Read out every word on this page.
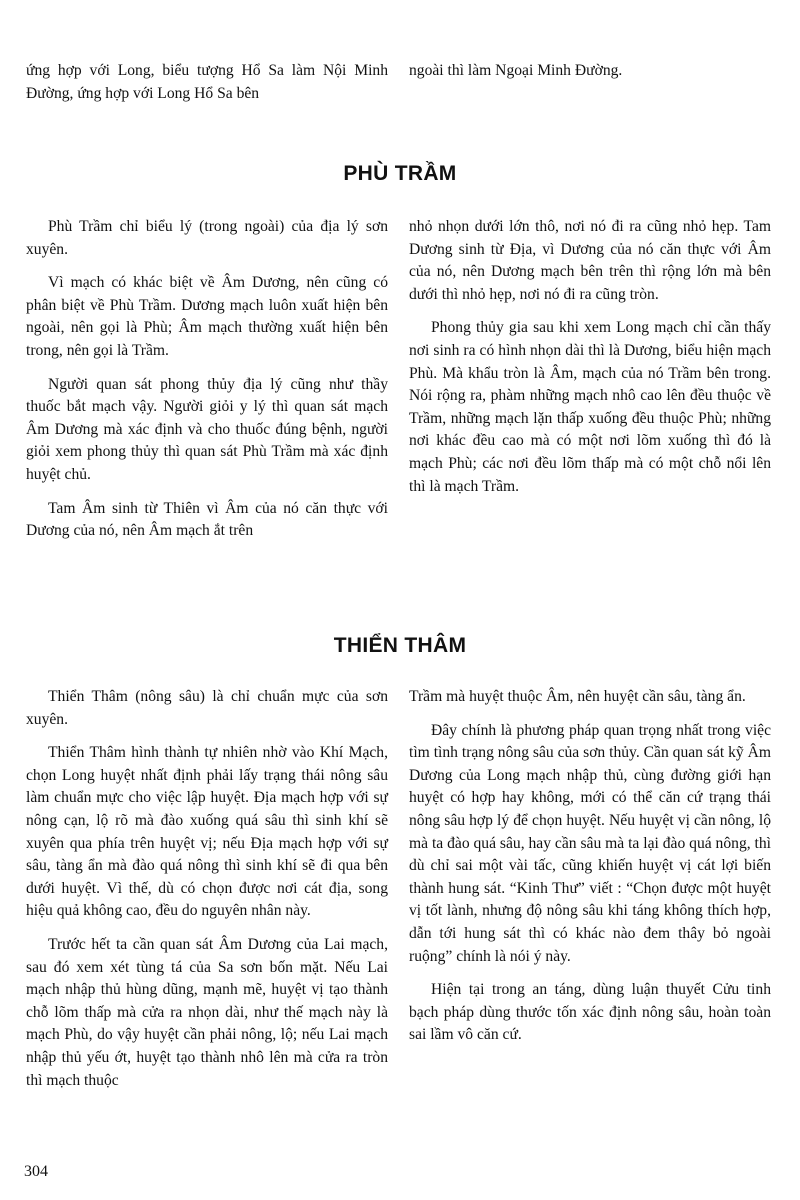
ứng hợp với Long, biểu tượng Hổ Sa làm Nội Minh Đường, ứng hợp với Long Hổ Sa bên

ngoài thì làm Ngoại Minh Đường.

PHÙ TRẦM

Phù Trầm chỉ biểu lý (trong ngoài) của địa lý sơn xuyên.

Vì mạch có khác biệt về Âm Dương, nên cũng có phân biệt về Phù Trầm. Dương mạch luôn xuất hiện bên ngoài, nên gọi là Phù; Âm mạch thường xuất hiện bên trong, nên gọi là Trầm.

Người quan sát phong thủy địa lý cũng như thầy thuốc bắt mạch vậy. Người giỏi y lý thì quan sát mạch Âm Dương mà xác định và cho thuốc đúng bệnh, người giỏi xem phong thủy thì quan sát Phù Trầm mà xác định huyệt chủ.

Tam Âm sinh từ Thiên vì Âm của nó căn thực với Dương của nó, nên Âm mạch ắt trên

nhỏ nhọn dưới lớn thô, nơi nó đi ra cũng nhỏ hẹp. Tam Dương sinh từ Địa, vì Dương của nó căn thực với Âm của nó, nên Dương mạch bên trên thì rộng lớn mà bên dưới thì nhỏ hẹp, nơi nó đi ra cũng tròn.

Phong thủy gia sau khi xem Long mạch chỉ cần thấy nơi sinh ra có hình nhọn dài thì là Dương, biểu hiện mạch Phù. Mà khẩu tròn là Âm, mạch của nó Trầm bên trong. Nói rộng ra, phàm những mạch nhô cao lên đều thuộc về Trầm, những mạch lặn thấp xuống đều thuộc Phù; những nơi khác đều cao mà có một nơi lõm xuống thì đó là mạch Phù; các nơi đều lõm thấp mà có một chỗ nổi lên thì là mạch Trầm.

THIỂN THÂM

Thiển Thâm (nông sâu) là chỉ chuẩn mực của sơn xuyên.

Thiển Thâm hình thành tự nhiên nhờ vào Khí Mạch, chọn Long huyệt nhất định phải lấy trạng thái nông sâu làm chuẩn mực cho việc lập huyệt. Địa mạch hợp với sự nông cạn, lộ rõ mà đào xuống quá sâu thì sinh khí sẽ xuyên qua phía trên huyệt vị; nếu Địa mạch hợp với sự sâu, tàng ẩn mà đào quá nông thì sinh khí sẽ đi qua bên dưới huyệt. Vì thế, dù có chọn được nơi cát địa, song hiệu quả không cao, đều do nguyên nhân này.

Trước hết ta cần quan sát Âm Dương của Lai mạch, sau đó xem xét tùng tá của Sa sơn bốn mặt. Nếu Lai mạch nhập thủ hùng dũng, mạnh mẽ, huyệt vị tạo thành chỗ lõm thấp mà cửa ra nhọn dài, như thế mạch này là mạch Phù, do vậy huyệt cần phải nông, lộ; nếu Lai mạch nhập thủ yếu ớt, huyệt tạo thành nhô lên mà cửa ra tròn thì mạch thuộc

Trầm mà huyệt thuộc Âm, nên huyệt cần sâu, tàng ẩn.

Đây chính là phương pháp quan trọng nhất trong việc tìm tình trạng nông sâu của sơn thủy. Cần quan sát kỹ Âm Dương của Long mạch nhập thủ, cùng đường giới hạn huyệt có hợp hay không, mới có thể căn cứ trạng thái nông sâu hợp lý để chọn huyệt. Nếu huyệt vị cần nông, lộ mà ta đào quá sâu, hay cần sâu mà ta lại đào quá nông, thì dù chỉ sai một vài tấc, cũng khiến huyệt vị cát lợi biến thành hung sát. “Kinh Thư” viết : “Chọn được một huyệt vị tốt lành, nhưng độ nông sâu khi táng không thích hợp, dẫn tới hung sát thì có khác nào đem thây bỏ ngoài ruộng” chính là nói ý này.

Hiện tại trong an táng, dùng luận thuyết Cửu tinh bạch pháp dùng thước tốn xác định nông sâu, hoàn toàn sai lầm vô căn cứ.

304
